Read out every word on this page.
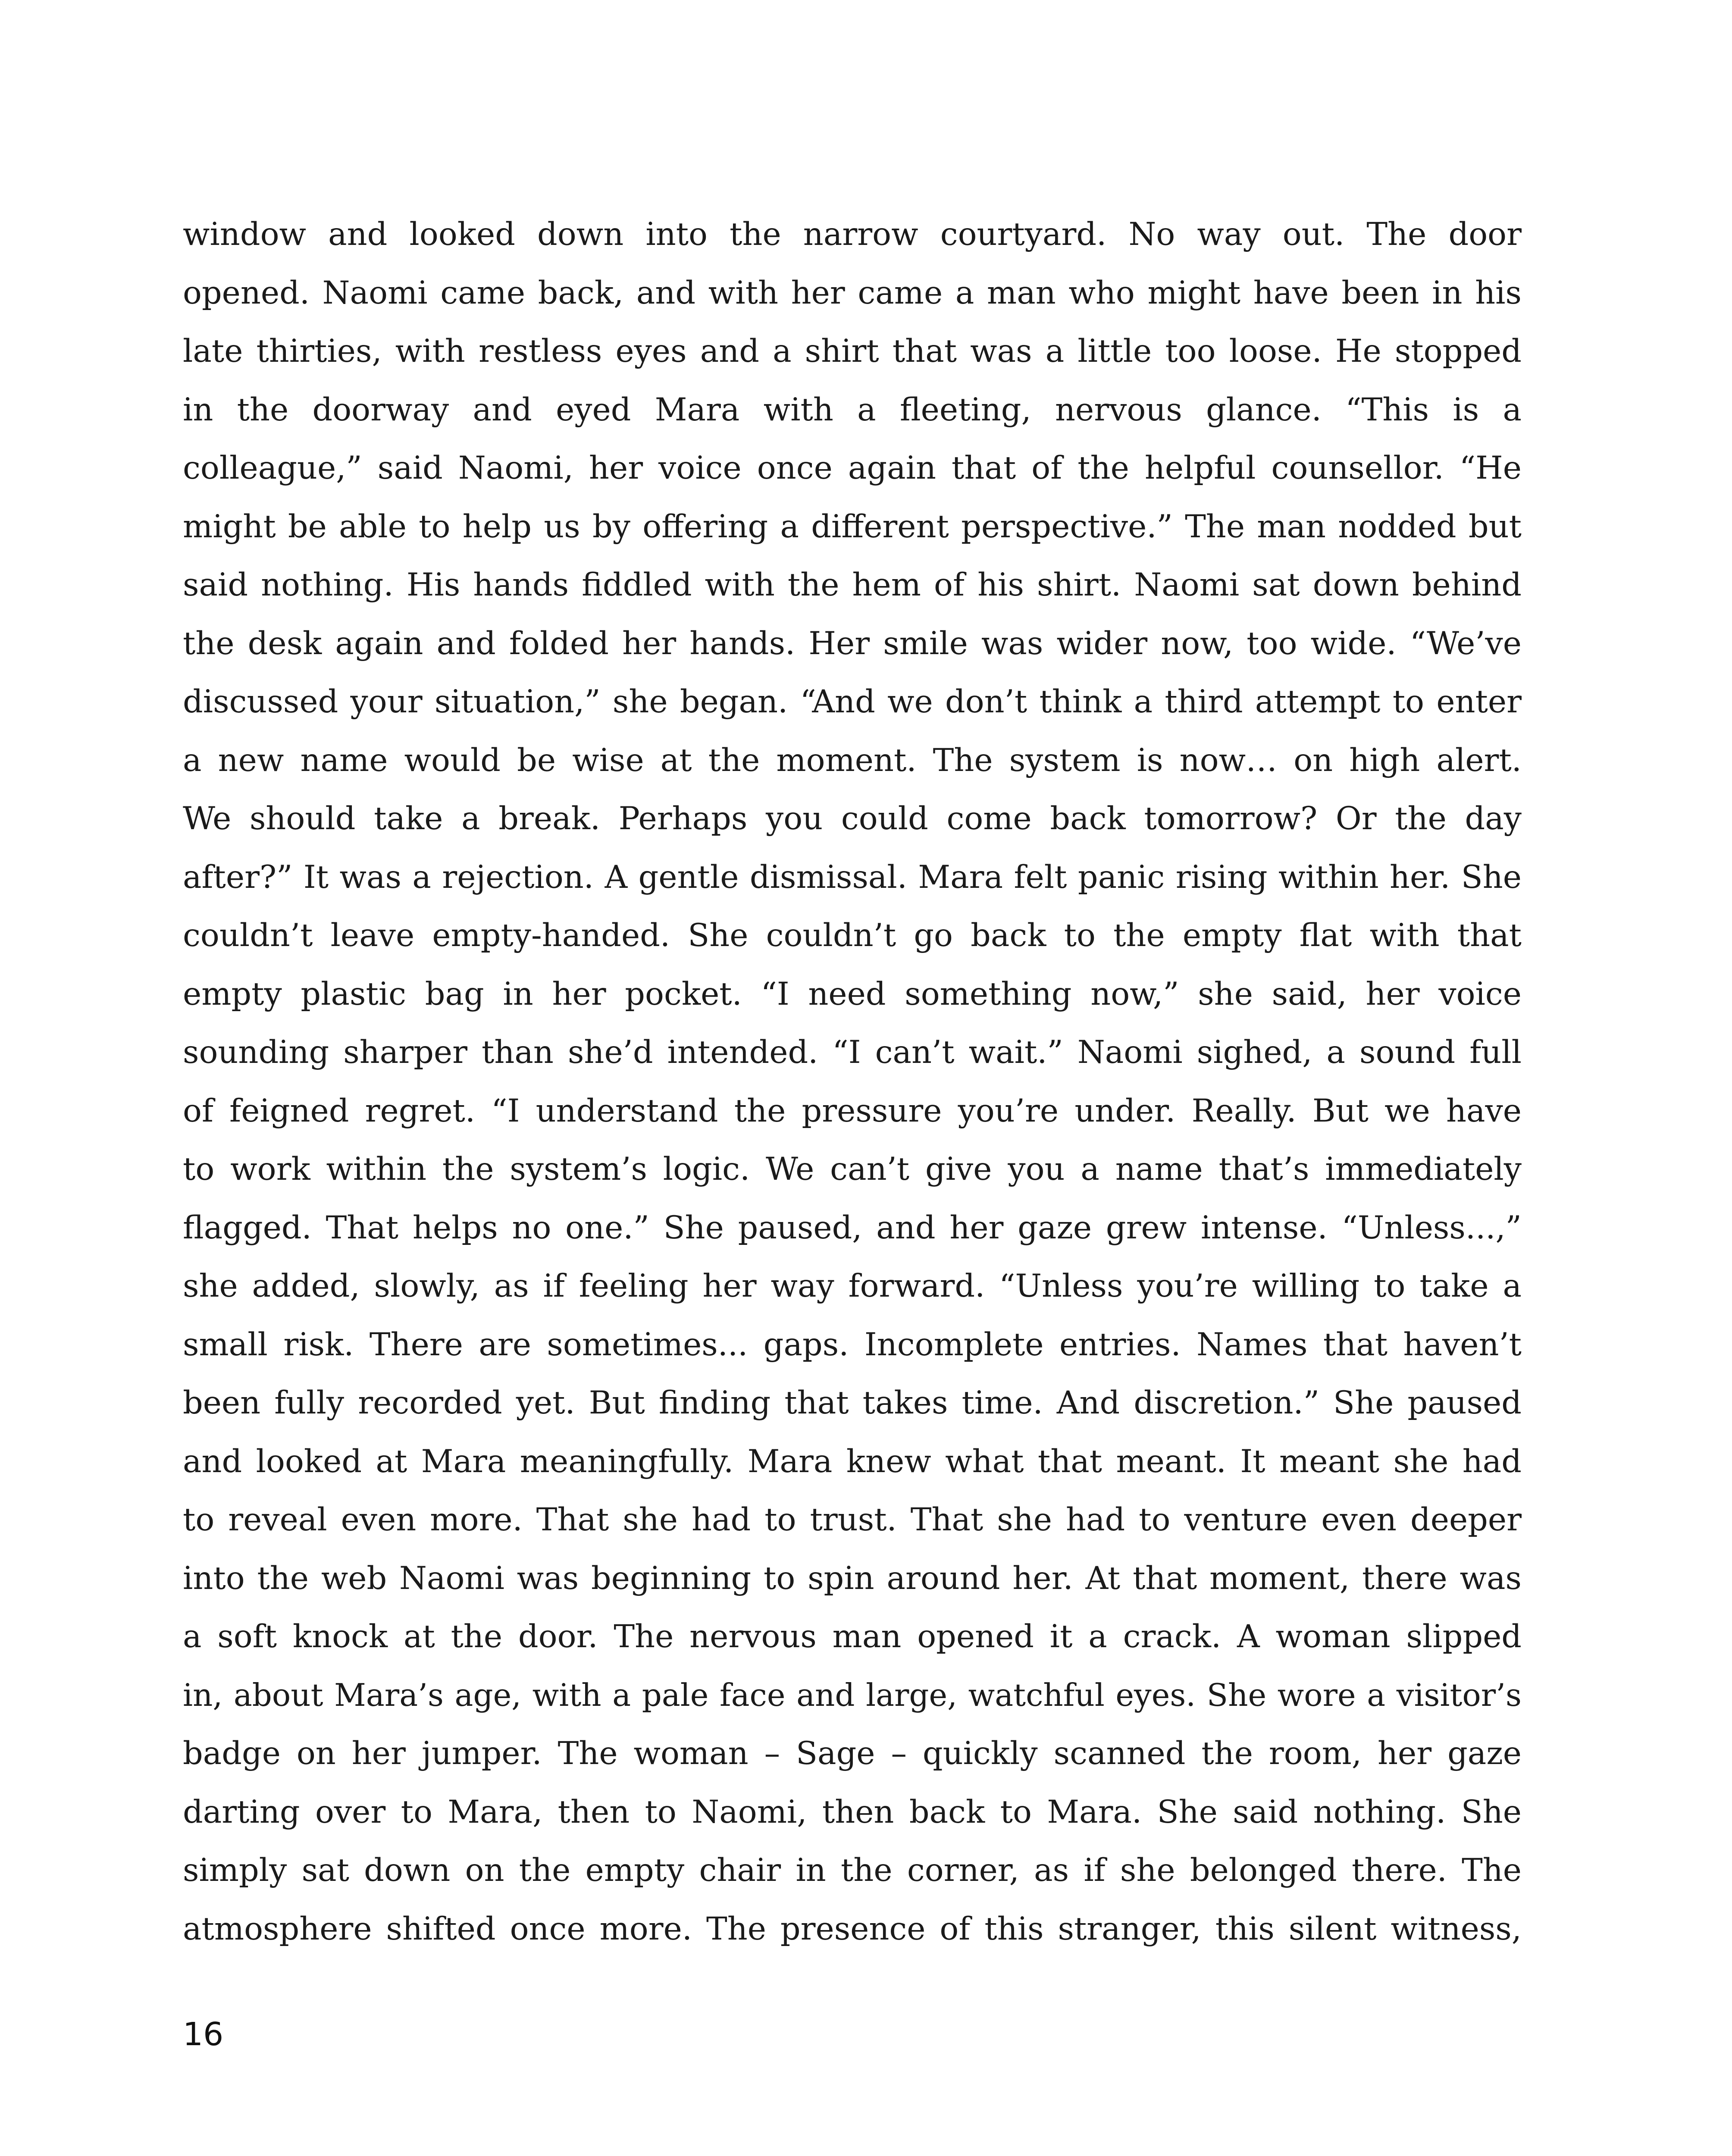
window and looked down into the narrow courtyard. No way out. The door
opened. Naomi came back, and with her came a man who might have been in his
late thirties, with restless eyes and a shirt that was a little too loose. He stopped
in the doorway and eyed Mara with a fleeting, nervous glance. “This is a
colleague,” said Naomi, her voice once again that of the helpful counsellor. “He
might be able to help us by offering a different perspective.” The man nodded but
said nothing. His hands fiddled with the hem of his shirt. Naomi sat down behind
the desk again and folded her hands. Her smile was wider now, too wide. “We’ve
discussed your situation,” she began. “And we don’t think a third attempt to enter
a new name would be wise at the moment. The system is now… on high alert.
We should take a break. Perhaps you could come back tomorrow? Or the day
after?” It was a rejection. A gentle dismissal. Mara felt panic rising within her. She
couldn’t leave empty-handed. She couldn’t go back to the empty flat with that
empty plastic bag in her pocket. “I need something now,” she said, her voice
sounding sharper than she’d intended. “I can’t wait.” Naomi sighed, a sound full
of feigned regret. “I understand the pressure you’re under. Really. But we have
to work within the system’s logic. We can’t give you a name that’s immediately
flagged. That helps no one.” She paused, and her gaze grew intense. “Unless...,”
she added, slowly, as if feeling her way forward. “Unless you’re willing to take a
small risk. There are sometimes... gaps. Incomplete entries. Names that haven’t
been fully recorded yet. But finding that takes time. And discretion.” She paused
and looked at Mara meaningfully. Mara knew what that meant. It meant she had
to reveal even more. That she had to trust. That she had to venture even deeper
into the web Naomi was beginning to spin around her. At that moment, there was
a soft knock at the door. The nervous man opened it a crack. A woman slipped
in, about Mara’s age, with a pale face and large, watchful eyes. She wore a visitor’s
badge on her jumper. The woman – Sage – quickly scanned the room, her gaze
darting over to Mara, then to Naomi, then back to Mara. She said nothing. She
simply sat down on the empty chair in the corner, as if she belonged there. The
atmosphere shifted once more. The presence of this stranger, this silent witness,
16
